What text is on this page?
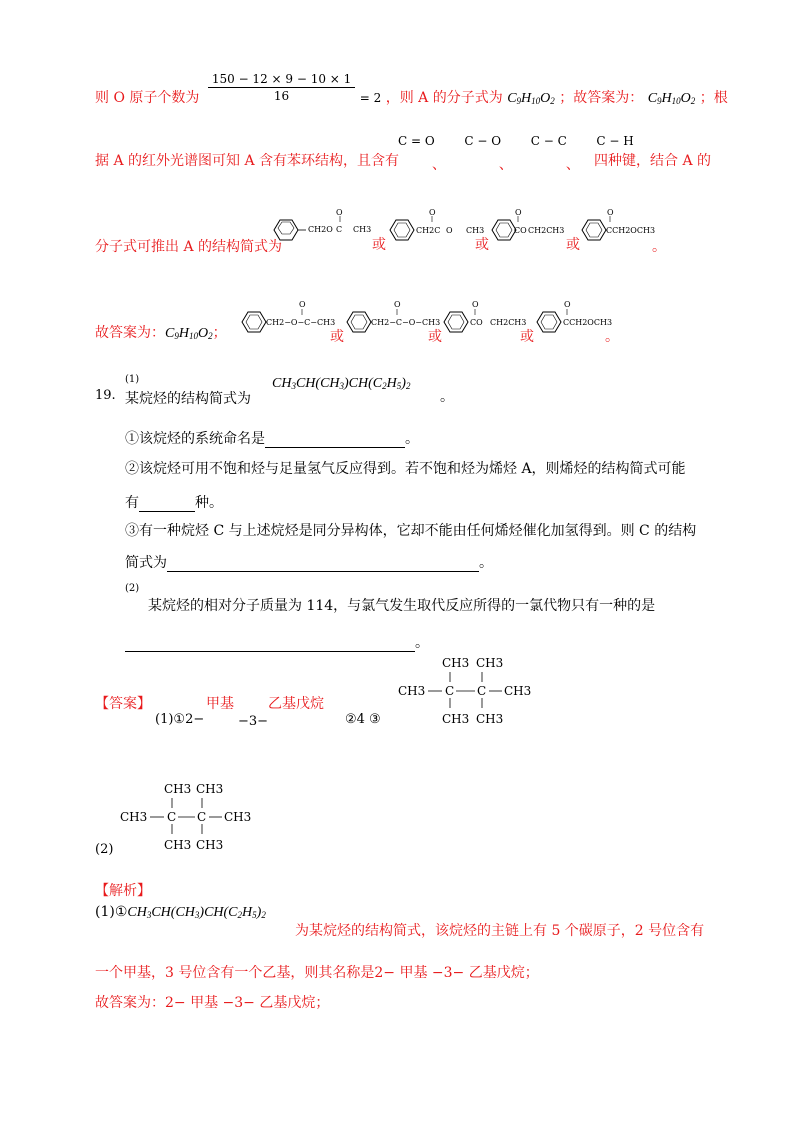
则 O 原子个数为 $\frac{150 - 12 \times 9 - 10 \times 1}{16} = 2$ ，则 A 的分子式为 $C_9H_{10}O_2$ ；故答案为： $C_9H_{10}O_2$ ；根
据 A 的红外光谱图可知 A 含有苯环结构，且含有
C = O C − O C − C C − H
、	、	、 四种键，结合 A 的
分子式可推出 A 的结构简式为
CH2O
O
C CH3
或
CH2C
O
O CH3
或
CO
O
CH2CH3
或
CCH2OCH3
O
。
故答案为：$C_9H_{10}O_2$；
CH2−O−C−CH3
O
或
CH2−C−O−CH3
O
或
CO
O
CH2CH3
或
CCH2OCH3
O
。
19.
(1)
某烷烃的结构简式为
$CH_3CH(CH_3)CH(C_2H_5)_2$
。
①该烷烃的系统命名是	。
②该烷烃可用不饱和烃与足量氢气反应得到。若不饱和烃为烯烃 A，则烯烃的结构简式可能
有	种。
③有一种烷烃 C 与上述烷烃是同分异构体，它却不能由任何烯烃催化加氢得到。则 C 的结构
简式为	。
(2)
某烷烃的相对分子质量为 114，与氯气发生取代反应所得的一氯代物只有一种的是
。
【答案】	甲基 乙基戊烷
(1)①2−	−3−	②4 ③
CH3 CH3
CH3 C C CH3
CH3 CH3
CH3 CH3
CH3 C C CH3
CH3 CH3
(2)
【解析】
$(1)①CH_3CH(CH_3)CH(C_2H_5)_2$
为某烷烃的结构简式，该烷烃的主链上有 5 个碳原子，2 号位含有
一个甲基，3 号位含有一个乙基，则其名称是2− 甲基 −3− 乙基戊烷；
故答案为：2− 甲基 −3− 乙基戊烷；
